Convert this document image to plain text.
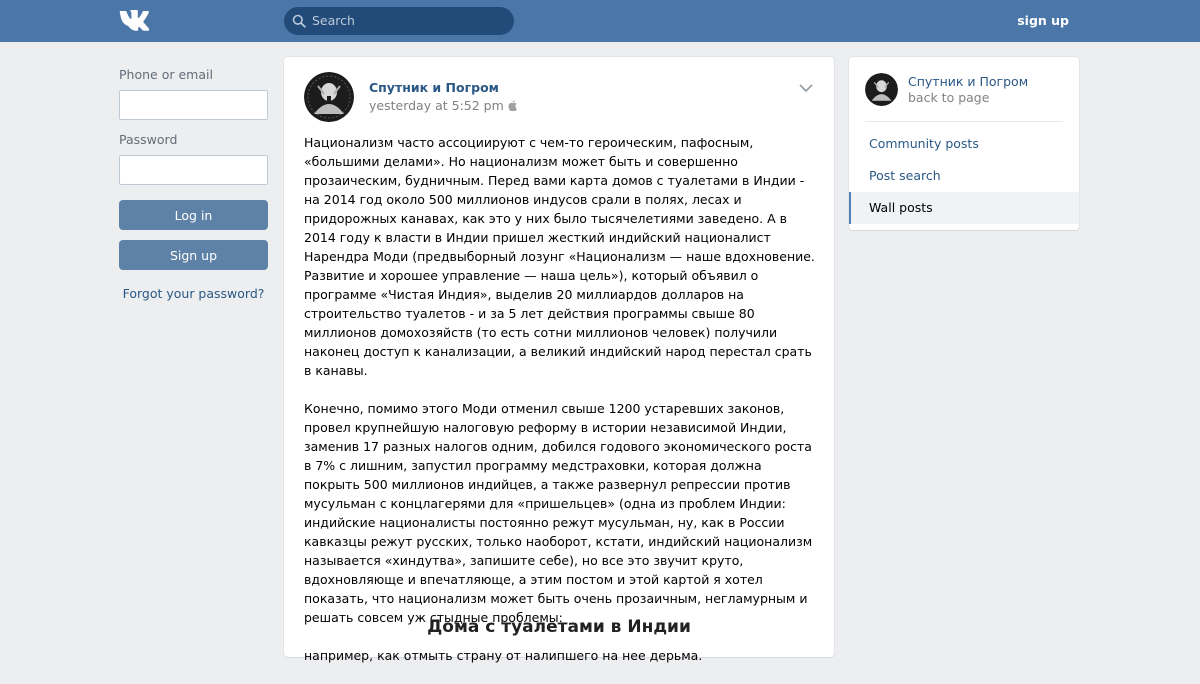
Search	sign up
Phone or email
Password
Log in
Sign up
Forgot your password?
Спутник и Погром
yesterday at 5:52 pm

Национализм часто ассоциируют с чем-то героическим, пафосным, «большими делами». Но национализм может быть и совершенно прозаическим, будничным. Перед вами карта домов с туалетами в Индии - на 2014 год около 500 миллионов индусов срали в полях, лесах и придорожных канавах, как это у них было тысячелетиями заведено. А в 2014 году к власти в Индии пришел жесткий индийский националист Нарендра Моди (предвыборный лозунг «Национализм — наше вдохновение. Развитие и хорошее управление — наша цель»), который объявил о программе «Чистая Индия», выделив 20 миллиардов долларов на строительство туалетов - и за 5 лет действия программы свыше 80 миллионов домохозяйств (то есть сотни миллионов человек) получили наконец доступ к канализации, а великий индийский народ перестал срать в канавы.

Конечно, помимо этого Моди отменил свыше 1200 устаревших законов, провел крупнейшую налоговую реформу в истории независимой Индии, заменив 17 разных налогов одним, добился годового экономического роста в 7% с лишним, запустил программу медстраховки, которая должна покрыть 500 миллионов индийцев, а также развернул репрессии против мусульман с концлагерями для «пришельцев» (одна из проблем Индии: индийские националисты постоянно режут мусульман, ну, как в России кавказцы режут русских, только наоборот, кстати, индийский национализм называется «хиндутва», запишите себе), но все это звучит круто, вдохновляюще и впечатляюще, а этим постом и этой картой я хотел показать, что национализм может быть очень прозаичным, негламурным и решать совсем уж стыдные проблемы:

например, как отмыть страну от налипшего на нее дерьма.

Дома с туалетами в Индии
Спутник и Погром
back to page
Community posts
Post search
Wall posts
